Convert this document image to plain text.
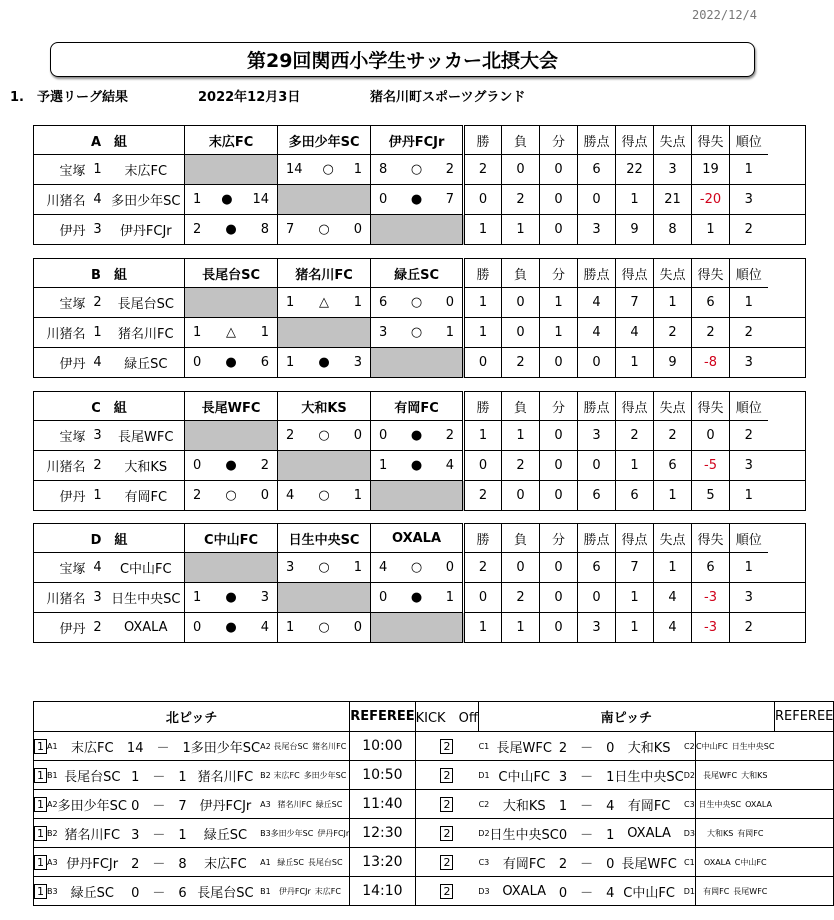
2022/12/4
第29回関西小学生サッカー北摂大会
1.　予選リーグ結果	2022年12月3日	猪名川町スポーツグランド
A　組			末広FC	多田少年SC	伊丹FCJr	勝	負	分	勝点	得点	失点	得失	順位
宝塚	1	末広FC		14 ○ 1	8 ○ 2	2	0	0	6	22	3	19	1
川猪名	4	多田少年SC	1 ● 14		0 ● 7	0	2	0	0	1	21	-20	3
伊丹	3	伊丹FCJr	2 ● 8	7 ○ 0		1	1	0	3	9	8	1	2
B　組			長尾台SC	猪名川FC	緑丘SC	勝	負	分	勝点	得点	失点	得失	順位
宝塚	2	長尾台SC		1 △ 1	6 ○ 0	1	0	1	4	7	1	6	1
川猪名	1	猪名川FC	1 △ 1		3 ○ 1	1	0	1	4	4	2	2	2
伊丹	4	緑丘SC	0 ● 6	1 ● 3		0	2	0	0	1	9	-8	3
C　組			長尾WFC	大和KS	有岡FC	勝	負	分	勝点	得点	失点	得失	順位
宝塚	3	長尾WFC		2 ○ 0	0 ● 2	1	1	0	3	2	2	0	2
川猪名	2	大和KS	0 ● 2		1 ● 4	0	2	0	0	1	6	-5	3
伊丹	1	有岡FC	2 ○ 0	4 ○ 1		2	0	0	6	6	1	5	1
D　組			C中山FC	日生中央SC	OXALA	勝	負	分	勝点	得点	失点	得失	順位
宝塚	4	C中山FC		3 ○ 1	4 ○ 0	2	0	0	6	7	1	6	1
川猪名	3	日生中央SC	1 ● 3		0 ● 1	0	2	0	0	1	4	-3	3
伊丹	2	OXALA	0 ● 4	1 ○ 0		1	1	0	3	1	4	-3	2
北ピッチ							REFEREE	KICK　Off	南ピッチ						REFEREE
1	A1	末広FC	14　－　1	多田少年SC	A2	長尾台SC 猪名川FC	10:00	2	C1	長尾WFC	2　－　0	大和KS	C2	C中山FC 日生中央SC	
1	B1	長尾台SC	1　－　1	猪名川FC	B2	末広FC 多田少年SC	10:50	2	D1	C中山FC	3　－　1	日生中央SC	D2	長尾WFC 大和KS	
1	A2	多田少年SC	0　－　7	伊丹FCJr	A3	猪名川FC 緑丘SC	11:40	2	C2	大和KS	1　－　4	有岡FC	C3	日生中央SC OXALA	
1	B2	猪名川FC	3　－　1	緑丘SC	B3	多田少年SC 伊丹FCJr	12:30	2	D2	日生中央SC	0　－　1	OXALA	D3	大和KS 有岡FC	
1	A3	伊丹FCJr	2　－　8	末広FC	A1	緑丘SC 長尾台SC	13:20	2	C3	有岡FC	2　－　0	長尾WFC	C1	OXALA C中山FC	
1	B3	緑丘SC	0　－　6	長尾台SC	B1	伊丹FCJr 末広FC	14:10	2	D3	OXALA	0　－　4	C中山FC	D1	有岡FC 長尾WFC	
